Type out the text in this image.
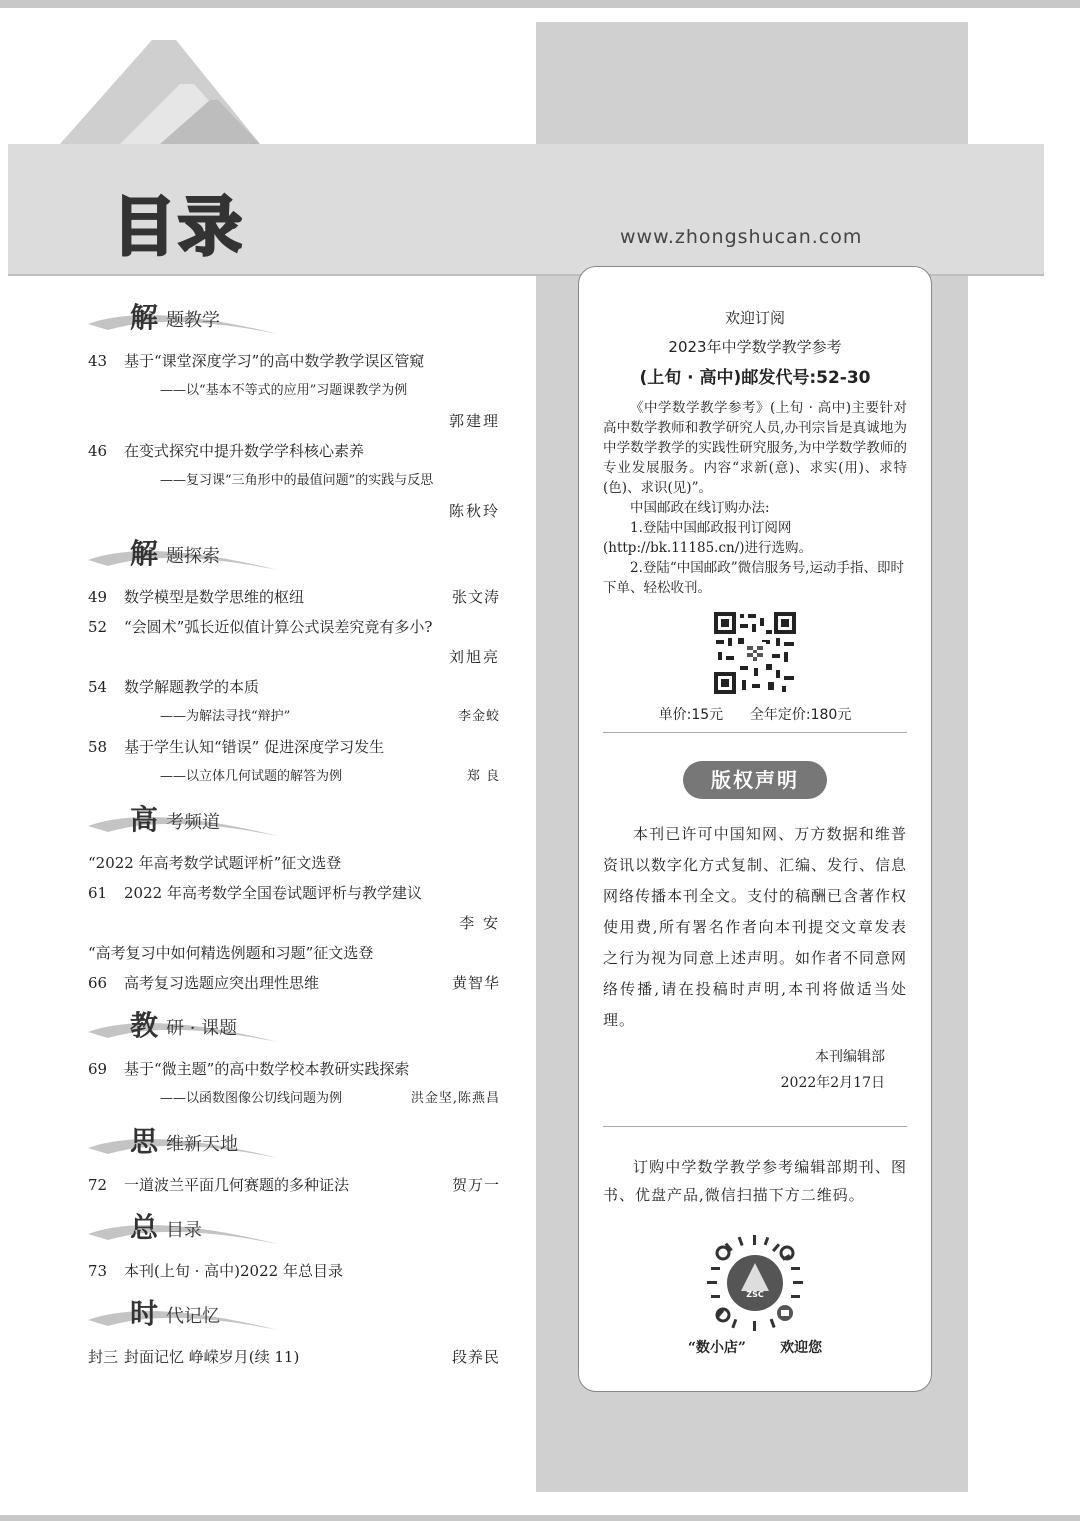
目录	www.zhongshucan.com
解 题教学
43	基于“课堂深度学习”的高中数学教学误区管窥
——以“基本不等式的应用”习题课教学为例
郭建理
46	在变式探究中提升数学学科核心素养
——复习课“三角形中的最值问题”的实践与反思
陈秋玲
解 题探索
49	数学模型是数学思维的枢纽	张文涛
52	“会圆术”弧长近似值计算公式误差究竟有多小?
刘旭亮
54	数学解题教学的本质
——为解法寻找“辩护”	李金蛟
58	基于学生认知“错误” 促进深度学习发生
——以立体几何试题的解答为例	郑 良
高 考频道
“2022 年高考数学试题评析”征文选登
61	2022 年高考数学全国卷试题评析与教学建议
李 安
“高考复习中如何精选例题和习题”征文选登
66	高考复习选题应突出理性思维	黄智华
教 研 · 课题
69	基于“微主题”的高中数学校本教研实践探索
——以函数图像公切线问题为例	洪金坚,陈燕昌
思 维新天地
72	一道波兰平面几何赛题的多种证法	贺万一
总 目录
73	本刊(上旬 · 高中)2022 年总目录
时 代记忆
封三 封面记忆 峥嵘岁月(续 11)	段养民
欢迎订阅
2023年中学数学教学参考
(上旬 · 高中)邮发代号:52-30
《中学数学教学参考》(上旬 · 高中)主要针对高中数学教师和教学研究人员,办刊宗旨是真诚地为中学数学教学的实践性研究服务,为中学数学教师的专业发展服务。内容“求新(意)、求实(用)、求特(色)、求识(见)”。
中国邮政在线订购办法:
1.登陆中国邮政报刊订阅网(http://bk.11185.cn/)进行选购。
2.登陆“中国邮政”微信服务号,运动手指、即时下单、轻松收刊。
单价:15元 全年定价:180元
版权声明
本刊已许可中国知网、万方数据和维普资讯以数字化方式复制、汇编、发行、信息网络传播本刊全文。支付的稿酬已含著作权使用费,所有署名作者向本刊提交文章发表之行为视为同意上述声明。如作者不同意网络传播,请在投稿时声明,本刊将做适当处理。
本刊编辑部
2022年2月17日
订购中学数学教学参考编辑部期刊、图书、优盘产品,微信扫描下方二维码。
ZSC
“数小店” 欢迎您
